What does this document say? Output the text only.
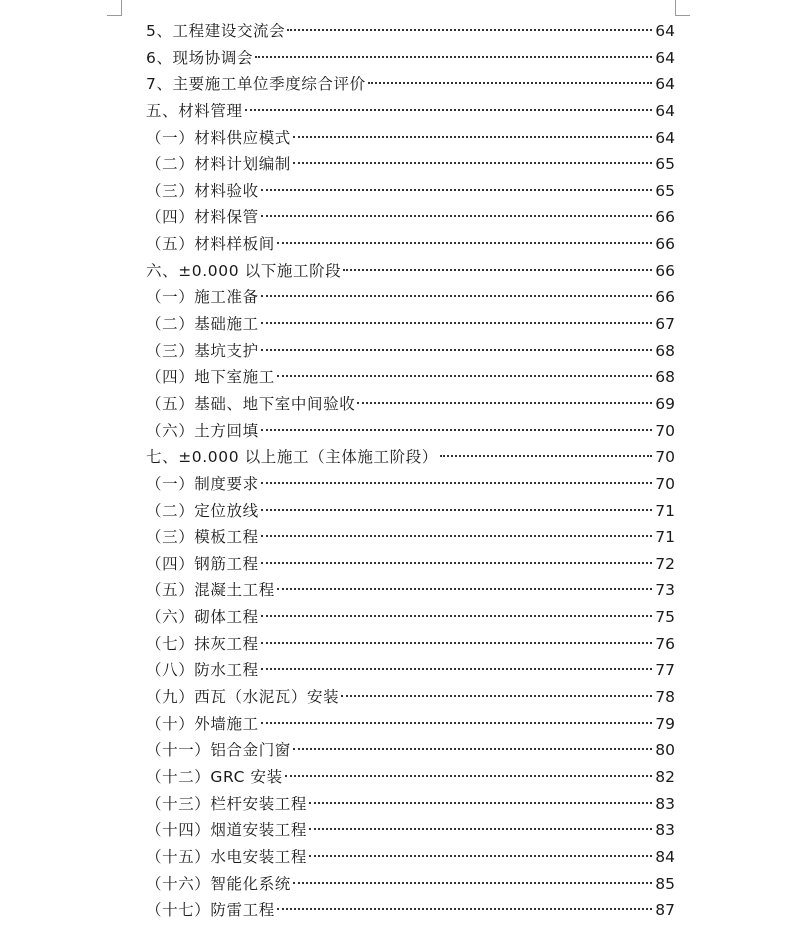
5、工程建设交流会	64
6、现场协调会	64
7、主要施工单位季度综合评价	64
五、材料管理	64
（一）材料供应模式	64
（二）材料计划编制	65
（三）材料验收	65
（四）材料保管	66
（五）材料样板间	66
六、±0.000 以下施工阶段	66
（一）施工准备	66
（二）基础施工	67
（三）基坑支护	68
（四）地下室施工	68
（五）基础、地下室中间验收	69
（六）土方回填	70
七、±0.000 以上施工（主体施工阶段）	70
（一）制度要求	70
（二）定位放线	71
（三）模板工程	71
（四）钢筋工程	72
（五）混凝土工程	73
（六）砌体工程	75
（七）抹灰工程	76
（八）防水工程	77
（九）西瓦（水泥瓦）安装	78
（十）外墙施工	79
（十一）铝合金门窗	80
（十二）GRC 安装	82
（十三）栏杆安装工程	83
（十四）烟道安装工程	83
（十五）水电安装工程	84
（十六）智能化系统	85
（十七）防雷工程	87
